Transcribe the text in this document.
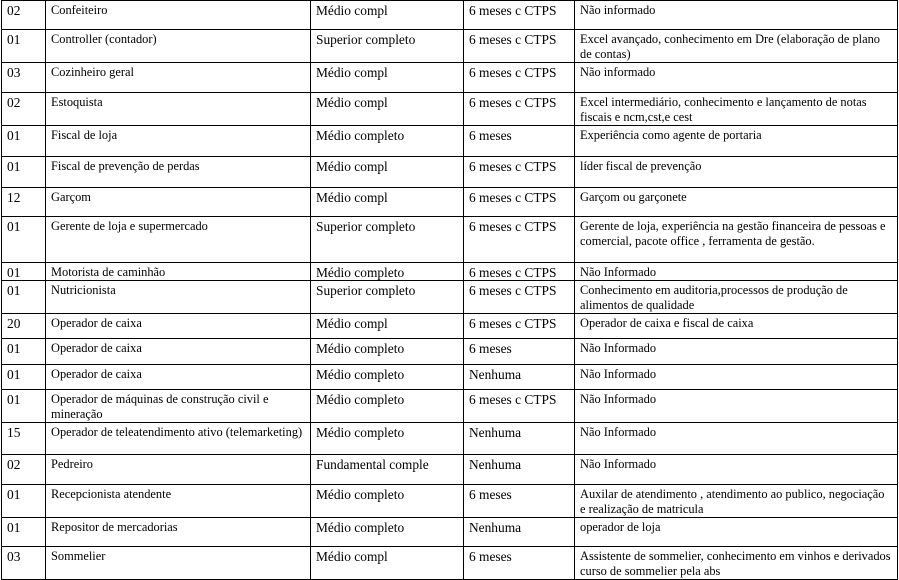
02	Confeiteiro	Médio compl	6 meses c CTPS	Não informado
01	Controller (contador)	Superior completo	6 meses c CTPS	Excel avançado, conhecimento em Dre (elaboração de plano de contas)
03	Cozinheiro geral	Médio compl	6 meses c CTPS	Não informado
02	Estoquista	Médio compl	6 meses c CTPS	Excel intermediário, conhecimento e lançamento de notas fiscais e ncm,cst,e cest
01	Fiscal de loja	Médio completo	6 meses	Experiência como agente de portaria
01	Fiscal de prevenção de perdas	Médio compl	6 meses c CTPS	líder fiscal de prevenção
12	Garçom	Médio compl	6 meses c CTPS	Garçom ou garçonete
01	Gerente de loja e supermercado	Superior completo	6 meses c CTPS	Gerente de loja, experiência na gestão financeira de pessoas e comercial, pacote office , ferramenta de gestão.
01	Motorista de caminhão	Médio completo	6 meses c CTPS	Não Informado
01	Nutricionista	Superior completo	6 meses c CTPS	Conhecimento em auditoria,processos de produção de alimentos de qualidade
20	Operador de caixa	Médio compl	6 meses c CTPS	Operador de caixa e fiscal de caixa
01	Operador de caixa	Médio completo	6 meses	Não Informado
01	Operador de caixa	Médio completo	Nenhuma	Não Informado
01	Operador de máquinas de construção civil e mineração	Médio completo	6 meses c CTPS	Não Informado
15	Operador de teleatendimento ativo (telemarketing)	Médio completo	Nenhuma	Não Informado
02	Pedreiro	Fundamental comple	Nenhuma	Não Informado
01	Recepcionista atendente	Médio completo	6 meses	Auxilar de atendimento , atendimento ao publico, negociação e realização de matricula
01	Repositor de mercadorias	Médio completo	Nenhuma	operador de loja
03	Sommelier	Médio compl	6 meses	Assistente de sommelier, conhecimento em vinhos e derivados curso de sommelier pela abs
